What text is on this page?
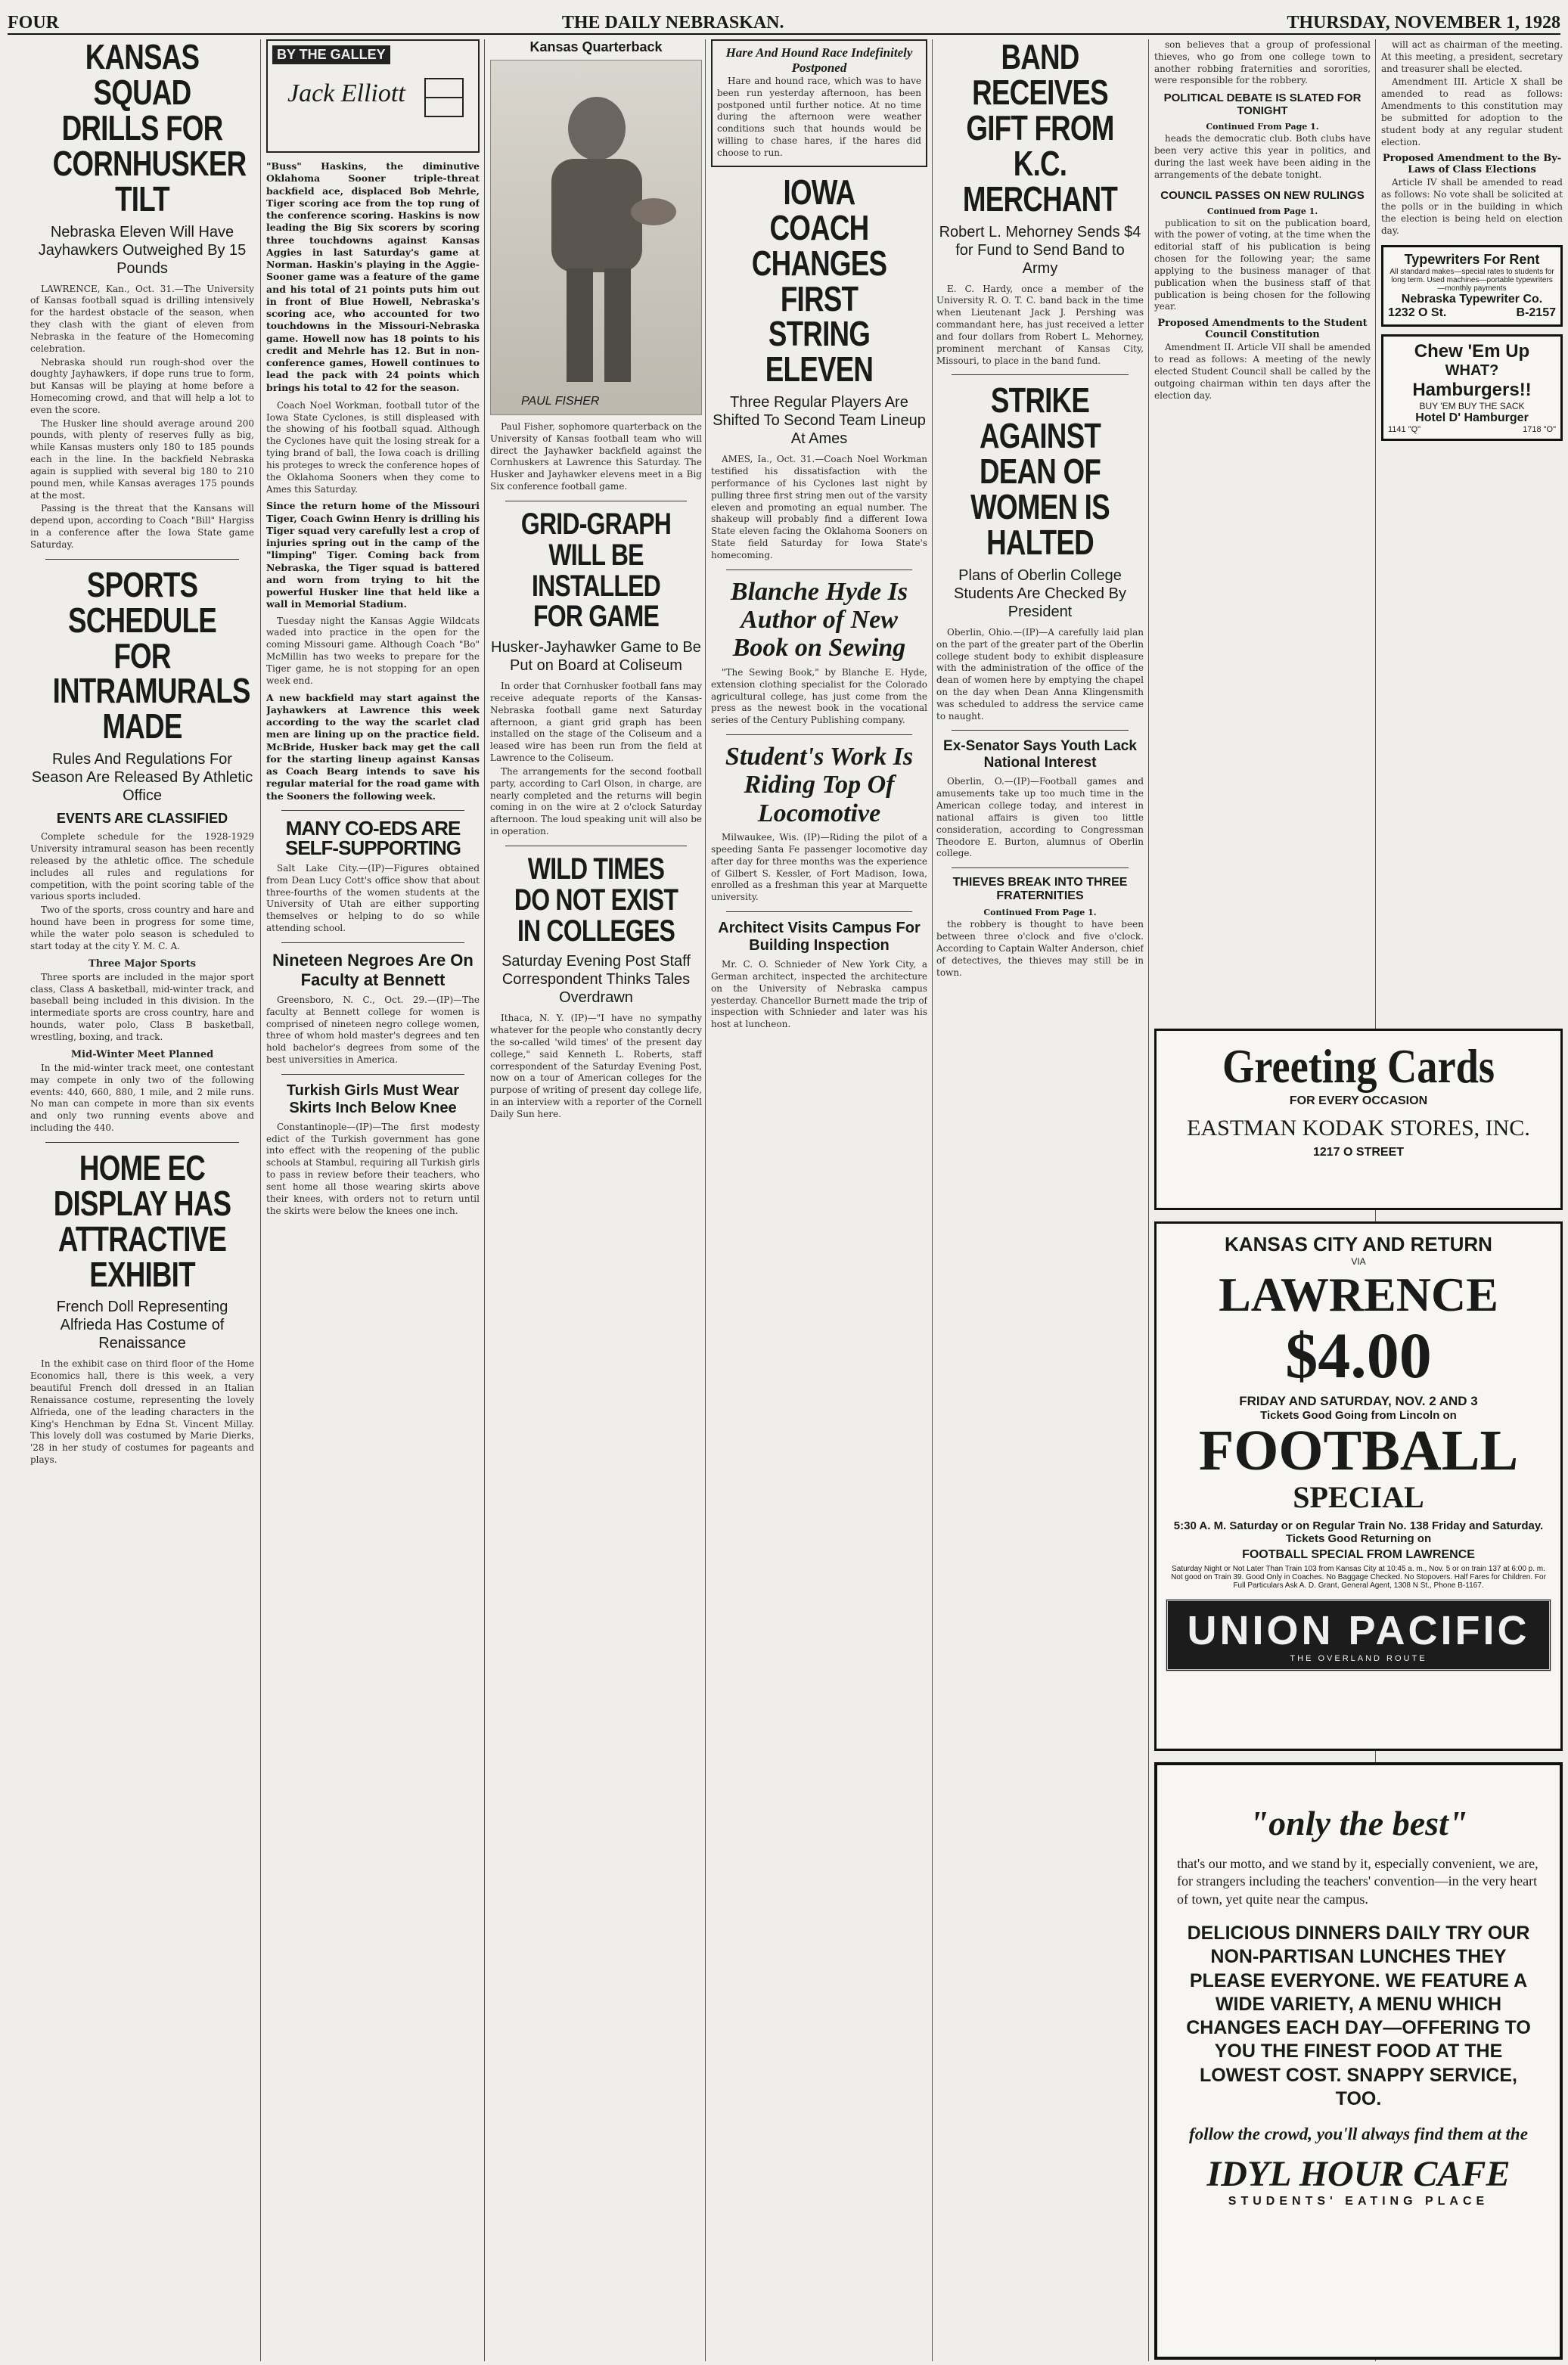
FOUR	THE DAILY NEBRASKAN.	THURSDAY, NOVEMBER 1, 1928
KANSAS SQUAD DRILLS FOR CORNHUSKER TILT
Nebraska Eleven Will Have Jayhawkers Outweighed By 15 Pounds

LAWRENCE, Kan., Oct. 31.—The University of Kansas football squad is drilling intensively for the hardest obstacle of the season, when they clash with the giant of eleven from Nebraska in the feature of the Homecoming celebration.

Nebraska should run rough-shod over the doughty Jayhawkers, if dope runs true to form, but Kansas will be playing at home before a Homecoming crowd, and that will help a lot to even the score.

The Husker line should average around 200 pounds, with plenty of reserves fully as big, while Kansas musters only 180 to 185 pounds each in the line. In the backfield Nebraska again is supplied with several big 180 to 210 pound men, while Kansas averages 175 pounds at the most.

Passing is the threat that the Kansans will depend upon, according to Coach "Bill" Hargiss in a conference after the Iowa State game Saturday.

SPORTS SCHEDULE FOR INTRAMURALS MADE
Rules And Regulations For Season Are Released By Athletic Office
EVENTS ARE CLASSIFIED

Complete schedule for the 1928-1929 University intramural season has been recently released by the athletic office. The schedule includes all rules and regulations for competition, with the point scoring table of the various sports included.

Two of the sports, cross country and hare and hound have been in progress for some time, while the water polo season is scheduled to start today at the city Y. M. C. A.

Three Major Sports

Three sports are included in the major sport class, Class A basketball, mid-winter track, and baseball being included in this division. In the intermediate sports are cross country, hare and hounds, water polo, Class B basketball, wrestling, boxing, and track.

Mid-Winter Meet Planned

In the mid-winter track meet, one contestant may compete in only two of the following events: 440, 660, 880, 1 mile, and 2 mile runs. No man can compete in more than six events and only two running events above and including the 440.

HOME EC DISPLAY HAS ATTRACTIVE EXHIBIT
French Doll Representing Alfrieda Has Costume of Renaissance

In the exhibit case on third floor of the Home Economics hall, there is this week, a very beautiful French doll dressed in an Italian Renaissance costume, representing the lovely Alfrieda, one of the leading characters in the King's Henchman by Edna St. Vincent Millay. This lovely doll was costumed by Marie Dierks, '28 in her study of costumes for pageants and plays.

BY THE GALLEY
Jack Elliott
"Buss" Haskins, the diminutive Oklahoma Sooner triple-threat backfield ace, displaced Bob Mehrle, Tiger scoring ace from the top rung of the conference scoring. Haskins is now leading the Big Six scorers by scoring three touchdowns against Kansas Aggies in last Saturday's game at Norman. Haskin's playing in the Aggie-Sooner game was a feature of the game and his total of 21 points puts him out in front of Blue Howell, Nebraska's scoring ace, who accounted for two touchdowns in the Missouri-Nebraska game. Howell now has 18 points to his credit and Mehrle has 12. But in non-conference games, Howell continues to lead the pack with 24 points which brings his total to 42 for the season.

Coach Noel Workman, football tutor of the Iowa State Cyclones, is still displeased with the showing of his football squad. Although the Cyclones have quit the losing streak for a tying brand of ball, the Iowa coach is drilling his proteges to wreck the conference hopes of the Oklahoma Sooners when they come to Ames this Saturday.

Since the return home of the Missouri Tiger, Coach Gwinn Henry is drilling his Tiger squad very carefully lest a crop of injuries spring out in the camp of the "limping" Tiger. Coming back from Nebraska, the Tiger squad is battered and worn from trying to hit the powerful Husker line that held like a wall in Memorial Stadium.

Tuesday night the Kansas Aggie Wildcats waded into practice in the open for the coming Missouri game. Although Coach "Bo" McMillin has two weeks to prepare for the Tiger game, he is not stopping for an open week end.

A new backfield may start against the Jayhawkers at Lawrence this week according to the way the scarlet clad men are lining up on the practice field. McBride, Husker back may get the call for the starting lineup against Kansas as Coach Bearg intends to save his regular material for the road game with the Sooners the following week.
MANY CO-EDS ARE SELF-SUPPORTING

Salt Lake City.—(IP)—Figures obtained from Dean Lucy Cott's office show that about three-fourths of the women students at the University of Utah are either supporting themselves or helping to do so while attending school.

Nineteen Negroes Are On Faculty at Bennett

Greensboro, N. C., Oct. 29.—(IP)—The faculty at Bennett college for women is comprised of nineteen negro college women, three of whom hold master's degrees and ten hold bachelor's degrees from some of the best universities in America.

Turkish Girls Must Wear Skirts Inch Below Knee

Constantinople—(IP)—The first modesty edict of the Turkish government has gone into effect with the reopening of the public schools at Stambul, requiring all Turkish girls to pass in review before their teachers, who sent home all those wearing skirts above their knees, with orders not to return until the skirts were below the knees one inch.

Kansas Quarterback
PAUL FISHER

Paul Fisher, sophomore quarterback on the University of Kansas football team who will direct the Jayhawker backfield against the Cornhuskers at Lawrence this Saturday. The Husker and Jayhawker elevens meet in a Big Six conference football game.

GRID-GRAPH WILL BE INSTALLED FOR GAME
Husker-Jayhawker Game to Be Put on Board at Coliseum

In order that Cornhusker football fans may receive adequate reports of the Kansas-Nebraska football game next Saturday afternoon, a giant grid graph has been installed on the stage of the Coliseum and a leased wire has been run from the field at Lawrence to the Coliseum.

The arrangements for the second football party, according to Carl Olson, in charge, are nearly completed and the returns will begin coming in on the wire at 2 o'clock Saturday afternoon. The loud speaking unit will also be in operation.

WILD TIMES DO NOT EXIST IN COLLEGES
Saturday Evening Post Staff Correspondent Thinks Tales Overdrawn

Ithaca, N. Y. (IP)—"I have no sympathy whatever for the people who constantly decry the so-called 'wild times' of the present day college," said Kenneth L. Roberts, staff correspondent of the Saturday Evening Post, now on a tour of American colleges for the purpose of writing of present day college life, in an interview with a reporter of the Cornell Daily Sun here.

Hare And Hound Race Indefinitely Postponed

Hare and hound race, which was to have been run yesterday afternoon, has been postponed until further notice. At no time during the afternoon were weather conditions such that hounds would be willing to chase hares, if the hares did choose to run.

IOWA COACH CHANGES FIRST STRING ELEVEN
Three Regular Players Are Shifted To Second Team Lineup At Ames

AMES, Ia., Oct. 31.—Coach Noel Workman testified his dissatisfaction with the performance of his Cyclones last night by pulling three first string men out of the varsity eleven and promoting an equal number. The shakeup will probably find a different Iowa State eleven facing the Oklahoma Sooners on State field Saturday for Iowa State's homecoming.

Blanche Hyde Is Author of New Book on Sewing

"The Sewing Book," by Blanche E. Hyde, extension clothing specialist for the Colorado agricultural college, has just come from the press as the newest book in the vocational series of the Century Publishing company.

Student's Work Is Riding Top Of Locomotive

Milwaukee, Wis. (IP)—Riding the pilot of a speeding Santa Fe passenger locomotive day after day for three months was the experience of Gilbert S. Kessler, of Fort Madison, Iowa, enrolled as a freshman this year at Marquette university.

Architect Visits Campus For Building Inspection

Mr. C. O. Schnieder of New York City, a German architect, inspected the architecture on the University of Nebraska campus yesterday. Chancellor Burnett made the trip of inspection with Schnieder and later was his host at luncheon.

BAND RECEIVES GIFT FROM K.C. MERCHANT
Robert L. Mehorney Sends $4 for Fund to Send Band to Army

E. C. Hardy, once a member of the University R. O. T. C. band back in the time when Lieutenant Jack J. Pershing was commandant here, has just received a letter and four dollars from Robert L. Mehorney, prominent merchant of Kansas City, Missouri, to place in the band fund.

STRIKE AGAINST DEAN OF WOMEN IS HALTED
Plans of Oberlin College Students Are Checked By President

Oberlin, Ohio.—(IP)—A carefully laid plan on the part of the greater part of the Oberlin college student body to exhibit displeasure with the administration of the office of the dean of women here by emptying the chapel on the day when Dean Anna Klingensmith was scheduled to address the service came to naught.

Ex-Senator Says Youth Lack National Interest

Oberlin, O.—(IP)—Football games and amusements take up too much time in the American college today, and interest in national affairs is given too little consideration, according to Congressman Theodore E. Burton, alumnus of Oberlin college.

THIEVES BREAK INTO THREE FRATERNITIES
Continued From Page 1.

the robbery is thought to have been between three o'clock and five o'clock. According to Captain Walter Anderson, chief of detectives, the thieves may still be in town.

son believes that a group of professional thieves, who go from one college town to another robbing fraternities and sororities, were responsible for the robbery.

POLITICAL DEBATE IS SLATED FOR TONIGHT
Continued From Page 1.

heads the democratic club. Both clubs have been very active this year in politics, and during the last week have been aiding in the arrangements of the debate tonight.

COUNCIL PASSES ON NEW RULINGS
Continued from Page 1.

publication to sit on the publication board, with the power of voting, at the time when the editorial staff of his publication is being chosen for the following year; the same applying to the business manager of that publication when the business staff of that publication is being chosen for the following year.

Proposed Amendments to the Student Council Constitution

Amendment II. Article VII shall be amended to read as follows: A meeting of the newly elected Student Council shall be called by the outgoing chairman within ten days after the election day.

will act as chairman of the meeting. At this meeting, a president, secretary and treasurer shall be elected.

Amendment III. Article X shall be amended to read as follows: Amendments to this constitution may be submitted for adoption to the student body at any regular student election.

Proposed Amendment to the By-Laws of Class Elections

Article IV shall be amended to read as follows: No vote shall be solicited at the polls or in the building in which the election is being held on election day.

Typewriters For Rent
All standard makes—special rates to students for long term. Used machines—portable typewriters—monthly payments
Nebraska Typewriter Co.
1232 O St.	B-2157
Chew 'Em Up
WHAT?
Hamburgers!!
BUY 'EM BUY THE SACK
Hotel D' Hamburger
1141 "Q"	1718 "O"
Greeting Cards
FOR EVERY OCCASION
EASTMAN KODAK STORES, INC.
1217 O STREET
KANSAS CITY AND RETURN
VIA
LAWRENCE
$4.00
FRIDAY AND SATURDAY, NOV. 2 AND 3
Tickets Good Going from Lincoln on
FOOTBALL
SPECIAL
5:30 A. M. Saturday or on Regular Train No. 138 Friday and Saturday. Tickets Good Returning on
FOOTBALL SPECIAL FROM LAWRENCE
Saturday Night or Not Later Than Train 103 from Kansas City at 10:45 a. m., Nov. 5 or on train 137 at 6:00 p. m. Not good on Train 39. Good Only in Coaches. No Baggage Checked. No Stopovers. Half Fares for Children. For Full Particulars Ask A. D. Grant, General Agent, 1308 N St., Phone B-1167.
UNION PACIFIC
THE OVERLAND ROUTE
"only the best"
that's our motto, and we stand by it, especially convenient, we are, for strangers including the teachers' convention—in the very heart of town, yet quite near the campus.
DELICIOUS DINNERS DAILY TRY OUR NON-PARTISAN LUNCHES THEY PLEASE EVERYONE. WE FEATURE A WIDE VARIETY, A MENU WHICH CHANGES EACH DAY—OFFERING TO YOU THE FINEST FOOD AT THE LOWEST COST. SNAPPY SERVICE, TOO.
follow the crowd, you'll always find them at the
IDYL HOUR CAFE
STUDENTS' EATING PLACE
